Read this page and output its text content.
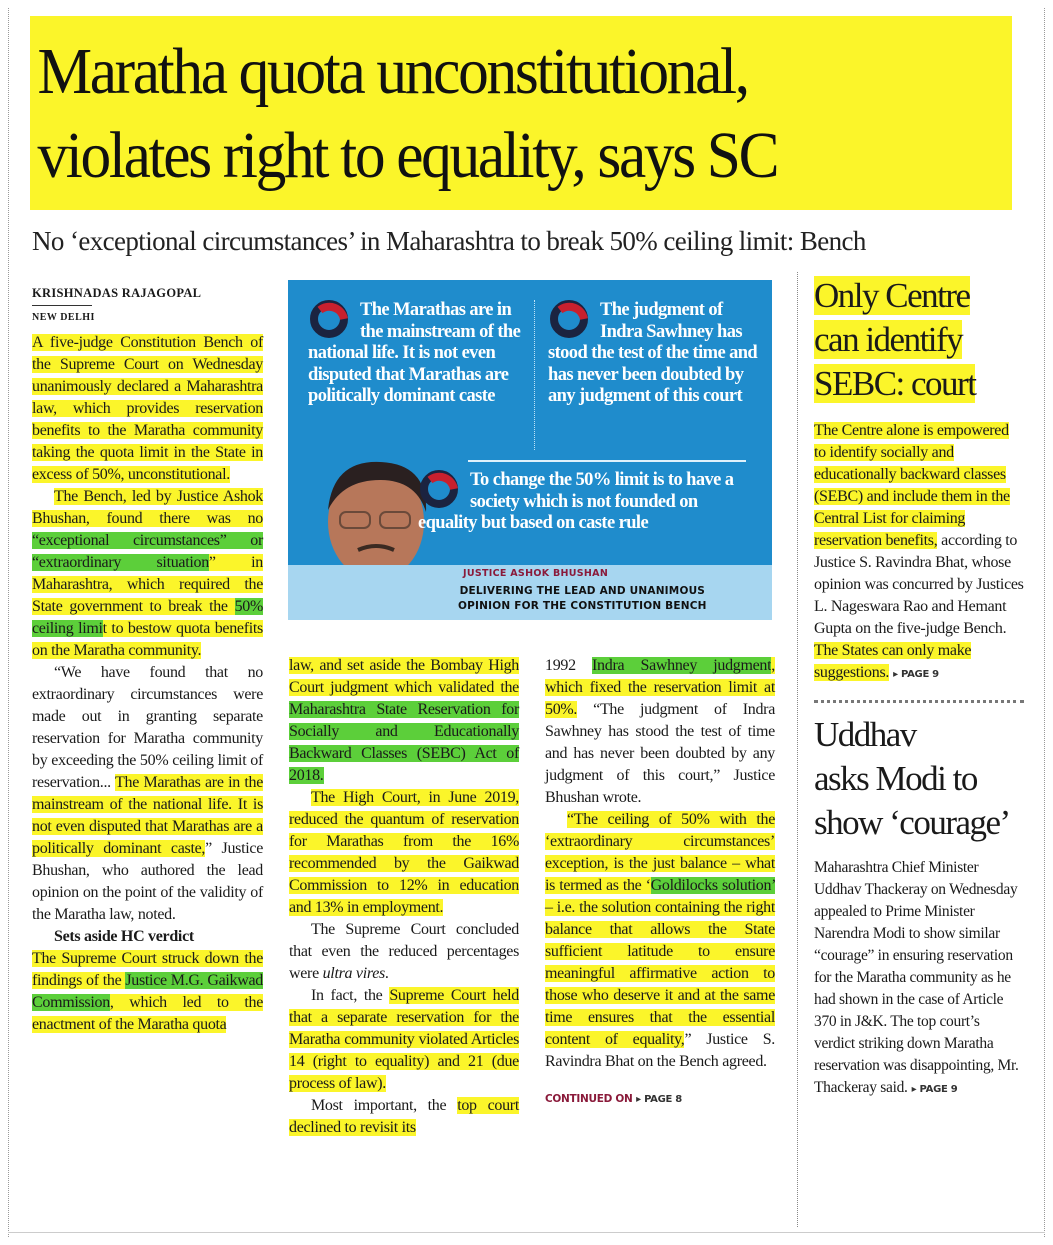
Maratha quota unconstitutional,
violates right to equality, says SC
No ‘exceptional circumstances’ in Maharashtra to break 50% ceiling limit: Bench
KRISHNADAS RAJAGOPAL
NEW DELHI

A five-judge Constitution Bench of the Supreme Court on Wednesday unanimously declared a Maharashtra law, which provides reservation benefits to the Maratha community taking the quota limit in the State in excess of 50%, unconstitutional.

The Bench, led by Justice Ashok Bhushan, found there was no “exceptional circumstances” or “extraordinary situation” in Maharashtra, which required the State government to break the 50% ceiling limit to bestow quota benefits on the Maratha community.

“We have found that no extraordinary circumstances were made out in granting separate reservation for Maratha community by exceeding the 50% ceiling limit of reservation... The Marathas are in the mainstream of the national life. It is not even disputed that Marathas are a politically dominant caste,” Justice Bhushan, who authored the lead opinion on the point of the validity of the Maratha law, noted.

Sets aside HC verdict

The Supreme Court struck down the findings of the Justice M.G. Gaikwad Commission, which led to the enactment of the Maratha quota

The Marathas are in the mainstream of the national life. It is not even disputed that Marathas are politically dominant caste
The judgment of Indra Sawhney has stood the test of the time and has never been doubted by any judgment of this court
To change the 50% limit is to have a society which is not founded on equality but based on caste rule
JUSTICE ASHOK BHUSHAN
DELIVERING THE LEAD AND UNANIMOUS
OPINION FOR THE CONSTITUTION BENCH

law, and set aside the Bombay High Court judgment which validated the Maharashtra State Reservation for Socially and Educationally Backward Classes (SEBC) Act of 2018.

The High Court, in June 2019, reduced the quantum of reservation for Marathas from the 16% recommended by the Gaikwad Commission to 12% in education and 13% in employment.

The Supreme Court concluded that even the reduced percentages were ultra vires.

In fact, the Supreme Court held that a separate reservation for the Maratha community violated Articles 14 (right to equality) and 21 (due process of law).

Most important, the top court declined to revisit its

1992 Indra Sawhney judgment, which fixed the reservation limit at 50%. “The judgment of Indra Sawhney has stood the test of time and has never been doubted by any judgment of this court,” Justice Bhushan wrote.

“The ceiling of 50% with the ‘extraordinary circumstances’ exception, is the just balance – what is termed as the ‘Goldilocks solution’ – i.e. the solution containing the right balance that allows the State sufficient latitude to ensure meaningful affirmative action to those who deserve it and at the same time ensures that the essential content of equality,” Justice S. Ravindra Bhat on the Bench agreed.

CONTINUED ON ▸ PAGE 8
Only Centre
can identify
SEBC: court

The Centre alone is empowered to identify socially and educationally backward classes (SEBC) and include them in the Central List for claiming reservation benefits, according to Justice S. Ravindra Bhat, whose opinion was concurred by Justices L. Nageswara Rao and Hemant Gupta on the five-judge Bench. The States can only make suggestions. ▸ PAGE 9

Uddhav
asks Modi to
show ‘courage’

Maharashtra Chief Minister Uddhav Thackeray on Wednesday appealed to Prime Minister Narendra Modi to show similar “courage” in ensuring reservation for the Maratha community as he had shown in the case of Article 370 in J&K. The top court’s verdict striking down Maratha reservation was disappointing, Mr. Thackeray said. ▸ PAGE 9
